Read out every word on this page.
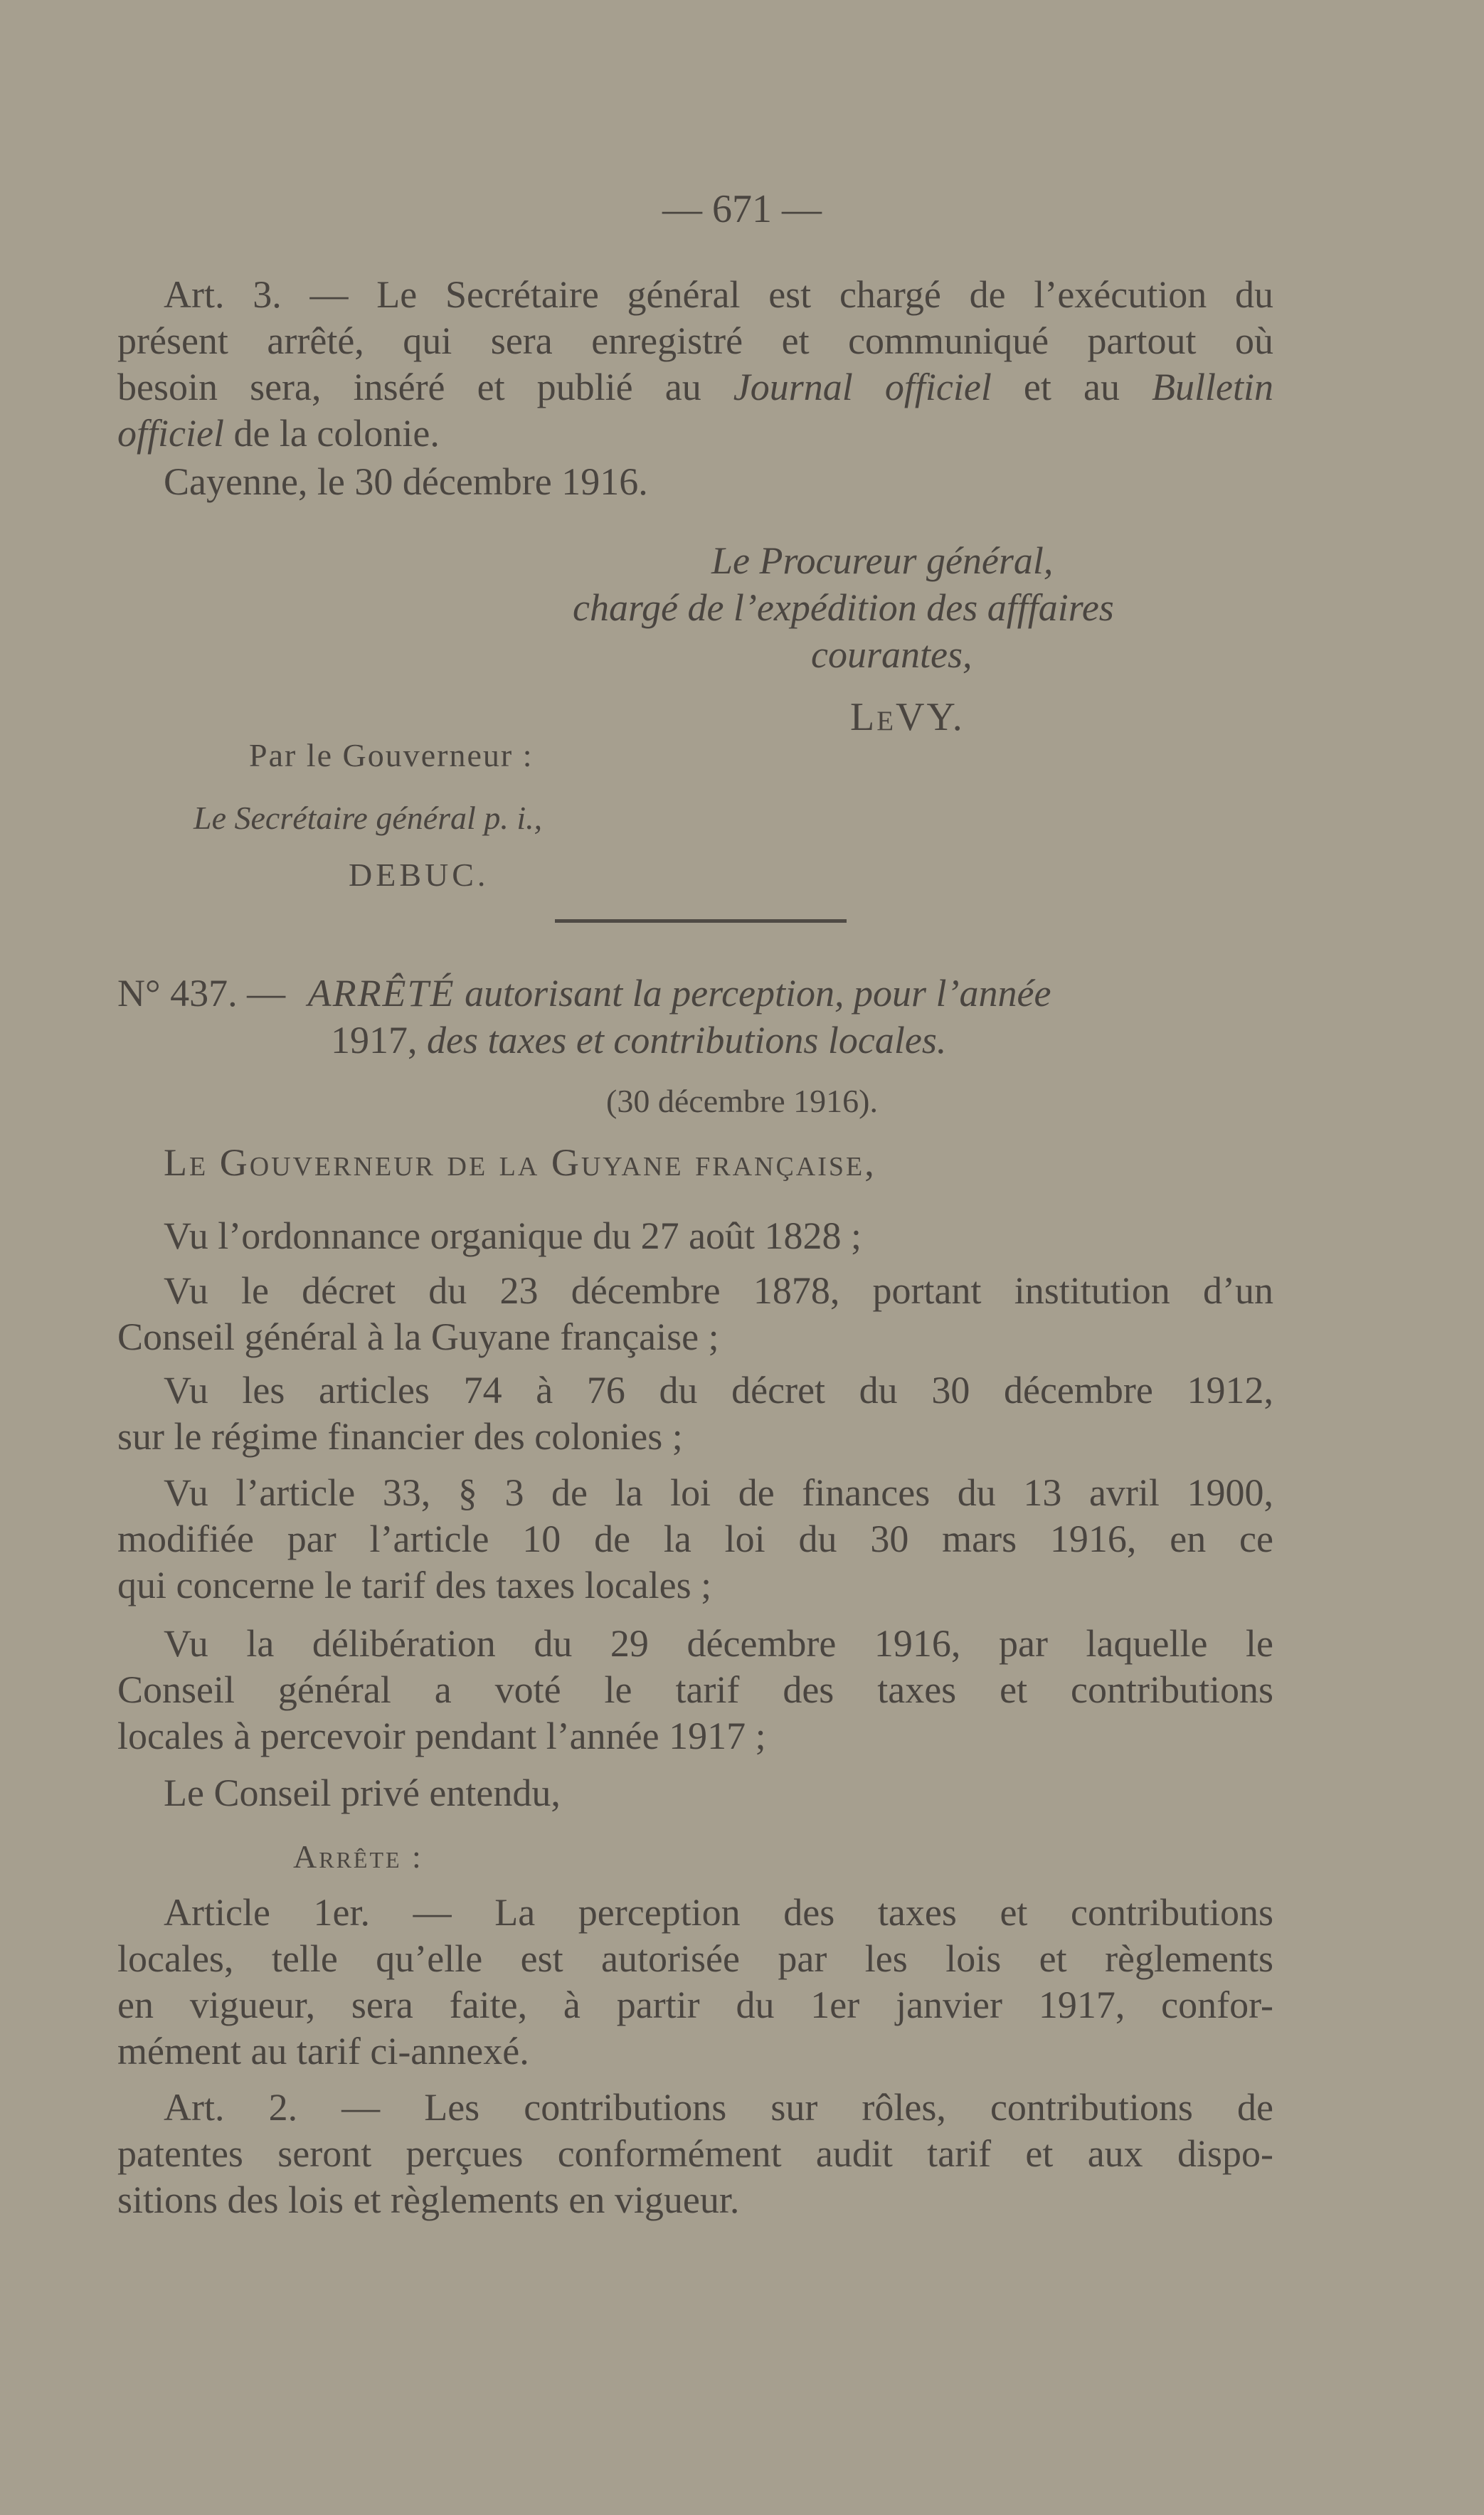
— 671 —
Art. 3. — Le Secrétaire général est chargé de l’exécution du
présent arrêté, qui sera enregistré et communiqué partout où
besoin sera, inséré et publié au Journal officiel et au Bulletin
officiel de la colonie.
Cayenne, le 30 décembre 1916.
Le Procureur général,
chargé de l’expédition des afffaires
courantes,
LeVY.
Par le Gouverneur :
Le Secrétaire général p. i.,
DEBUC.
N° 437. — ARRÊTÉ autorisant la perception, pour l’année
1917, des taxes et contributions locales.
(30 décembre 1916).
Le Gouverneur de la Guyane française,
Vu l’ordonnance organique du 27 août 1828 ;
Vu le décret du 23 décembre 1878, portant institution d’un
Conseil général à la Guyane française ;
Vu les articles 74 à 76 du décret du 30 décembre 1912,
sur le régime financier des colonies ;
Vu l’article 33, § 3 de la loi de finances du 13 avril 1900,
modifiée par l’article 10 de la loi du 30 mars 1916, en ce
qui concerne le tarif des taxes locales ;
Vu la délibération du 29 décembre 1916, par laquelle le
Conseil général a voté le tarif des taxes et contributions
locales à percevoir pendant l’année 1917 ;
Le Conseil privé entendu,
Arrête :
Article 1er. — La perception des taxes et contributions
locales, telle qu’elle est autorisée par les lois et règlements
en vigueur, sera faite, à partir du 1er janvier 1917, confor-
mément au tarif ci-annexé.
Art. 2. — Les contributions sur rôles, contributions de
patentes seront perçues conformément audit tarif et aux dispo-
sitions des lois et règlements en vigueur.
